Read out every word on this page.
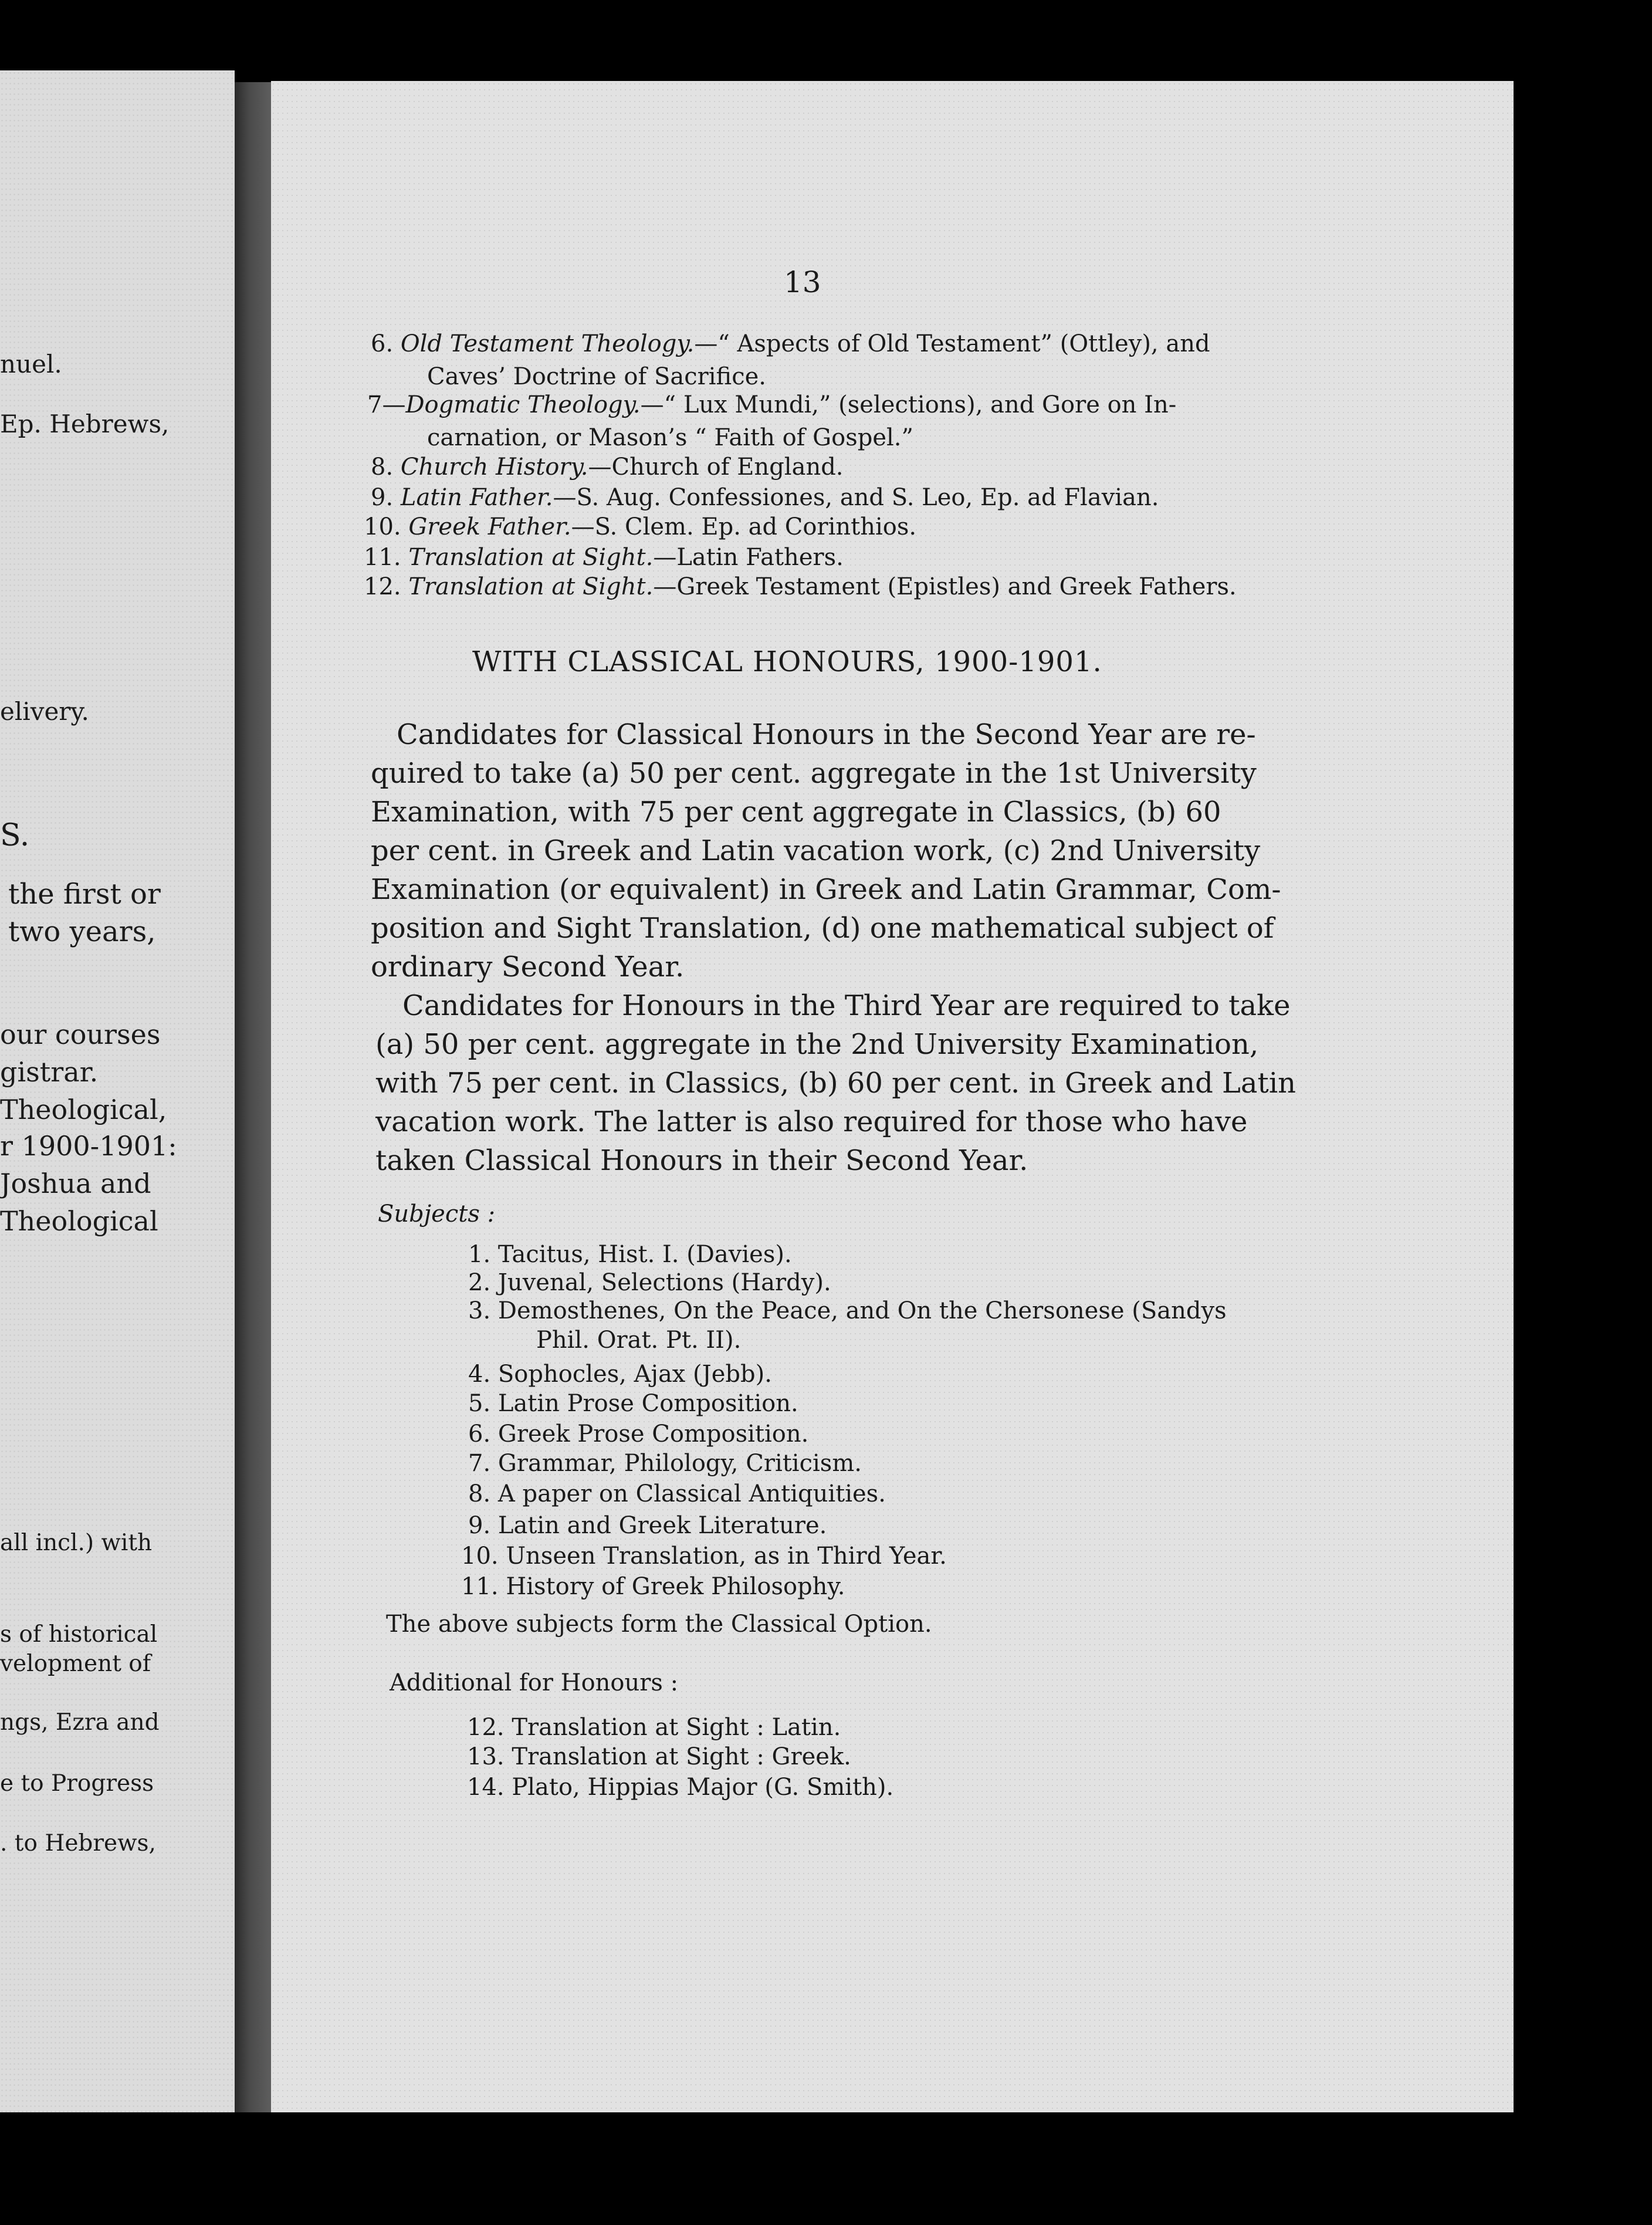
nuel.
Ep. Hebrews,
elivery.
S.
the first or
two years,
our courses
gistrar.
Theological,
r 1900-1901:
Joshua and
Theological
all incl.) with
s of historical
velopment of
ngs, Ezra and
e to Progress
. to Hebrews,
13
6. Old Testament Theology.—“ Aspects of Old Testament” (Ottley), and
Caves’ Doctrine of Sacrifice.
7—Dogmatic Theology.—“ Lux Mundi,” (selections), and Gore on In-
carnation, or Mason’s “ Faith of Gospel.”
8. Church History.—Church of England.
9. Latin Father.—S. Aug. Confessiones, and S. Leo, Ep. ad Flavian.
10. Greek Father.—S. Clem. Ep. ad Corinthios.
11. Translation at Sight.—Latin Fathers.
12. Translation at Sight.—Greek Testament (Epistles) and Greek Fathers.
WITH CLASSICAL HONOURS, 1900-1901.
Candidates for Classical Honours in the Second Year are re-
quired to take (a) 50 per cent. aggregate in the 1st University
Examination, with 75 per cent aggregate in Classics, (b) 60
per cent. in Greek and Latin vacation work, (c) 2nd University
Examination (or equivalent) in Greek and Latin Grammar, Com-
position and Sight Translation, (d) one mathematical subject of
ordinary Second Year.
Candidates for Honours in the Third Year are required to take
(a) 50 per cent. aggregate in the 2nd University Examination,
with 75 per cent. in Classics, (b) 60 per cent. in Greek and Latin
vacation work. The latter is also required for those who have
taken Classical Honours in their Second Year.
Subjects :
1. Tacitus, Hist. I. (Davies).
2. Juvenal, Selections (Hardy).
3. Demosthenes, On the Peace, and On the Chersonese (Sandys
Phil. Orat. Pt. II).
4. Sophocles, Ajax (Jebb).
5. Latin Prose Composition.
6. Greek Prose Composition.
7. Grammar, Philology, Criticism.
8. A paper on Classical Antiquities.
9. Latin and Greek Literature.
10. Unseen Translation, as in Third Year.
11. History of Greek Philosophy.
The above subjects form the Classical Option.
Additional for Honours :
12. Translation at Sight : Latin.
13. Translation at Sight : Greek.
14. Plato, Hippias Major (G. Smith).
